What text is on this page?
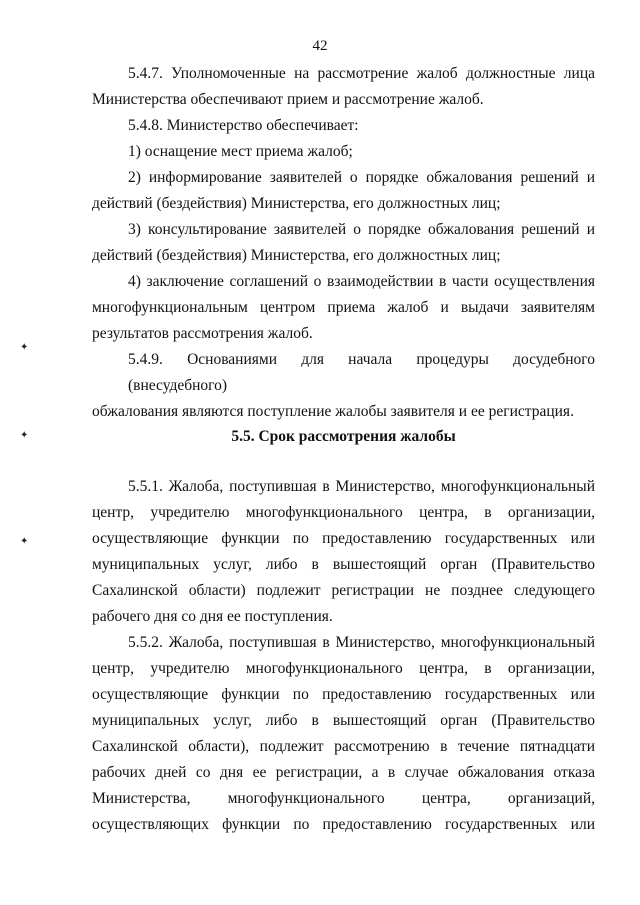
42
5.4.7. Уполномоченные на рассмотрение жалоб должностные лица
Министерства обеспечивают прием и рассмотрение жалоб.
5.4.8. Министерство обеспечивает:
1) оснащение мест приема жалоб;
2) информирование заявителей о порядке обжалования решений и
действий (бездействия) Министерства, его должностных лиц;
3) консультирование заявителей о порядке обжалования решений и
действий (бездействия) Министерства, его должностных лиц;
4) заключение соглашений о взаимодействии в части осуществления
многофункциональным центром приема жалоб и выдачи заявителям
результатов рассмотрения жалоб.
5.4.9. Основаниями для начала процедуры досудебного (внесудебного)
обжалования являются поступление жалобы заявителя и ее регистрация.
5.5. Срок рассмотрения жалобы
5.5.1. Жалоба, поступившая в Министерство, многофункциональный
центр, учредителю многофункционального центра, в организации,
осуществляющие функции по предоставлению государственных или
муниципальных услуг, либо в вышестоящий орган (Правительство
Сахалинской области) подлежит регистрации не позднее следующего
рабочего дня со дня ее поступления.
5.5.2. Жалоба, поступившая в Министерство, многофункциональный
центр, учредителю многофункционального центра, в организации,
осуществляющие функции по предоставлению государственных или
муниципальных услуг, либо в вышестоящий орган (Правительство
Сахалинской области), подлежит рассмотрению в течение пятнадцати
рабочих дней со дня ее регистрации, а в случае обжалования отказа
Министерства, многофункционального центра, организаций,
осуществляющих функции по предоставлению государственных или
✦
✦
✦
